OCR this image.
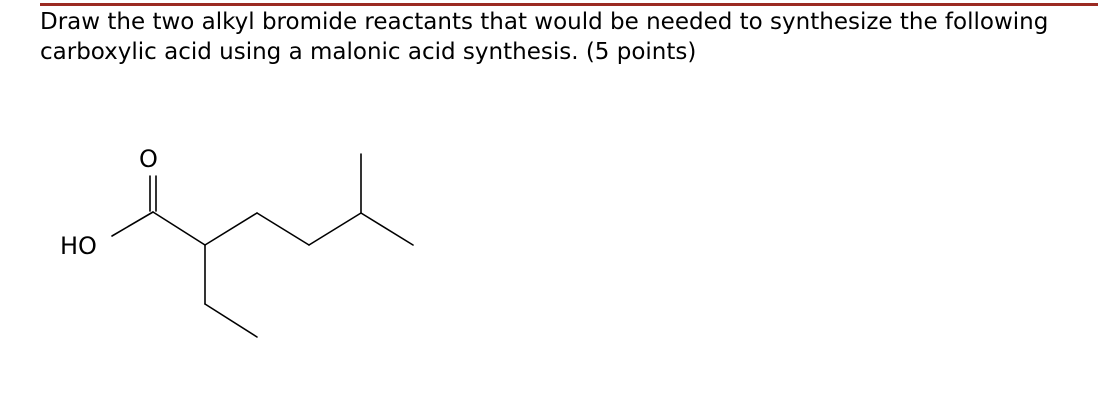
Draw the two alkyl bromide reactants that would be needed to synthesize the following carboxylic acid using a malonic acid synthesis. (5 points)

O
HO
